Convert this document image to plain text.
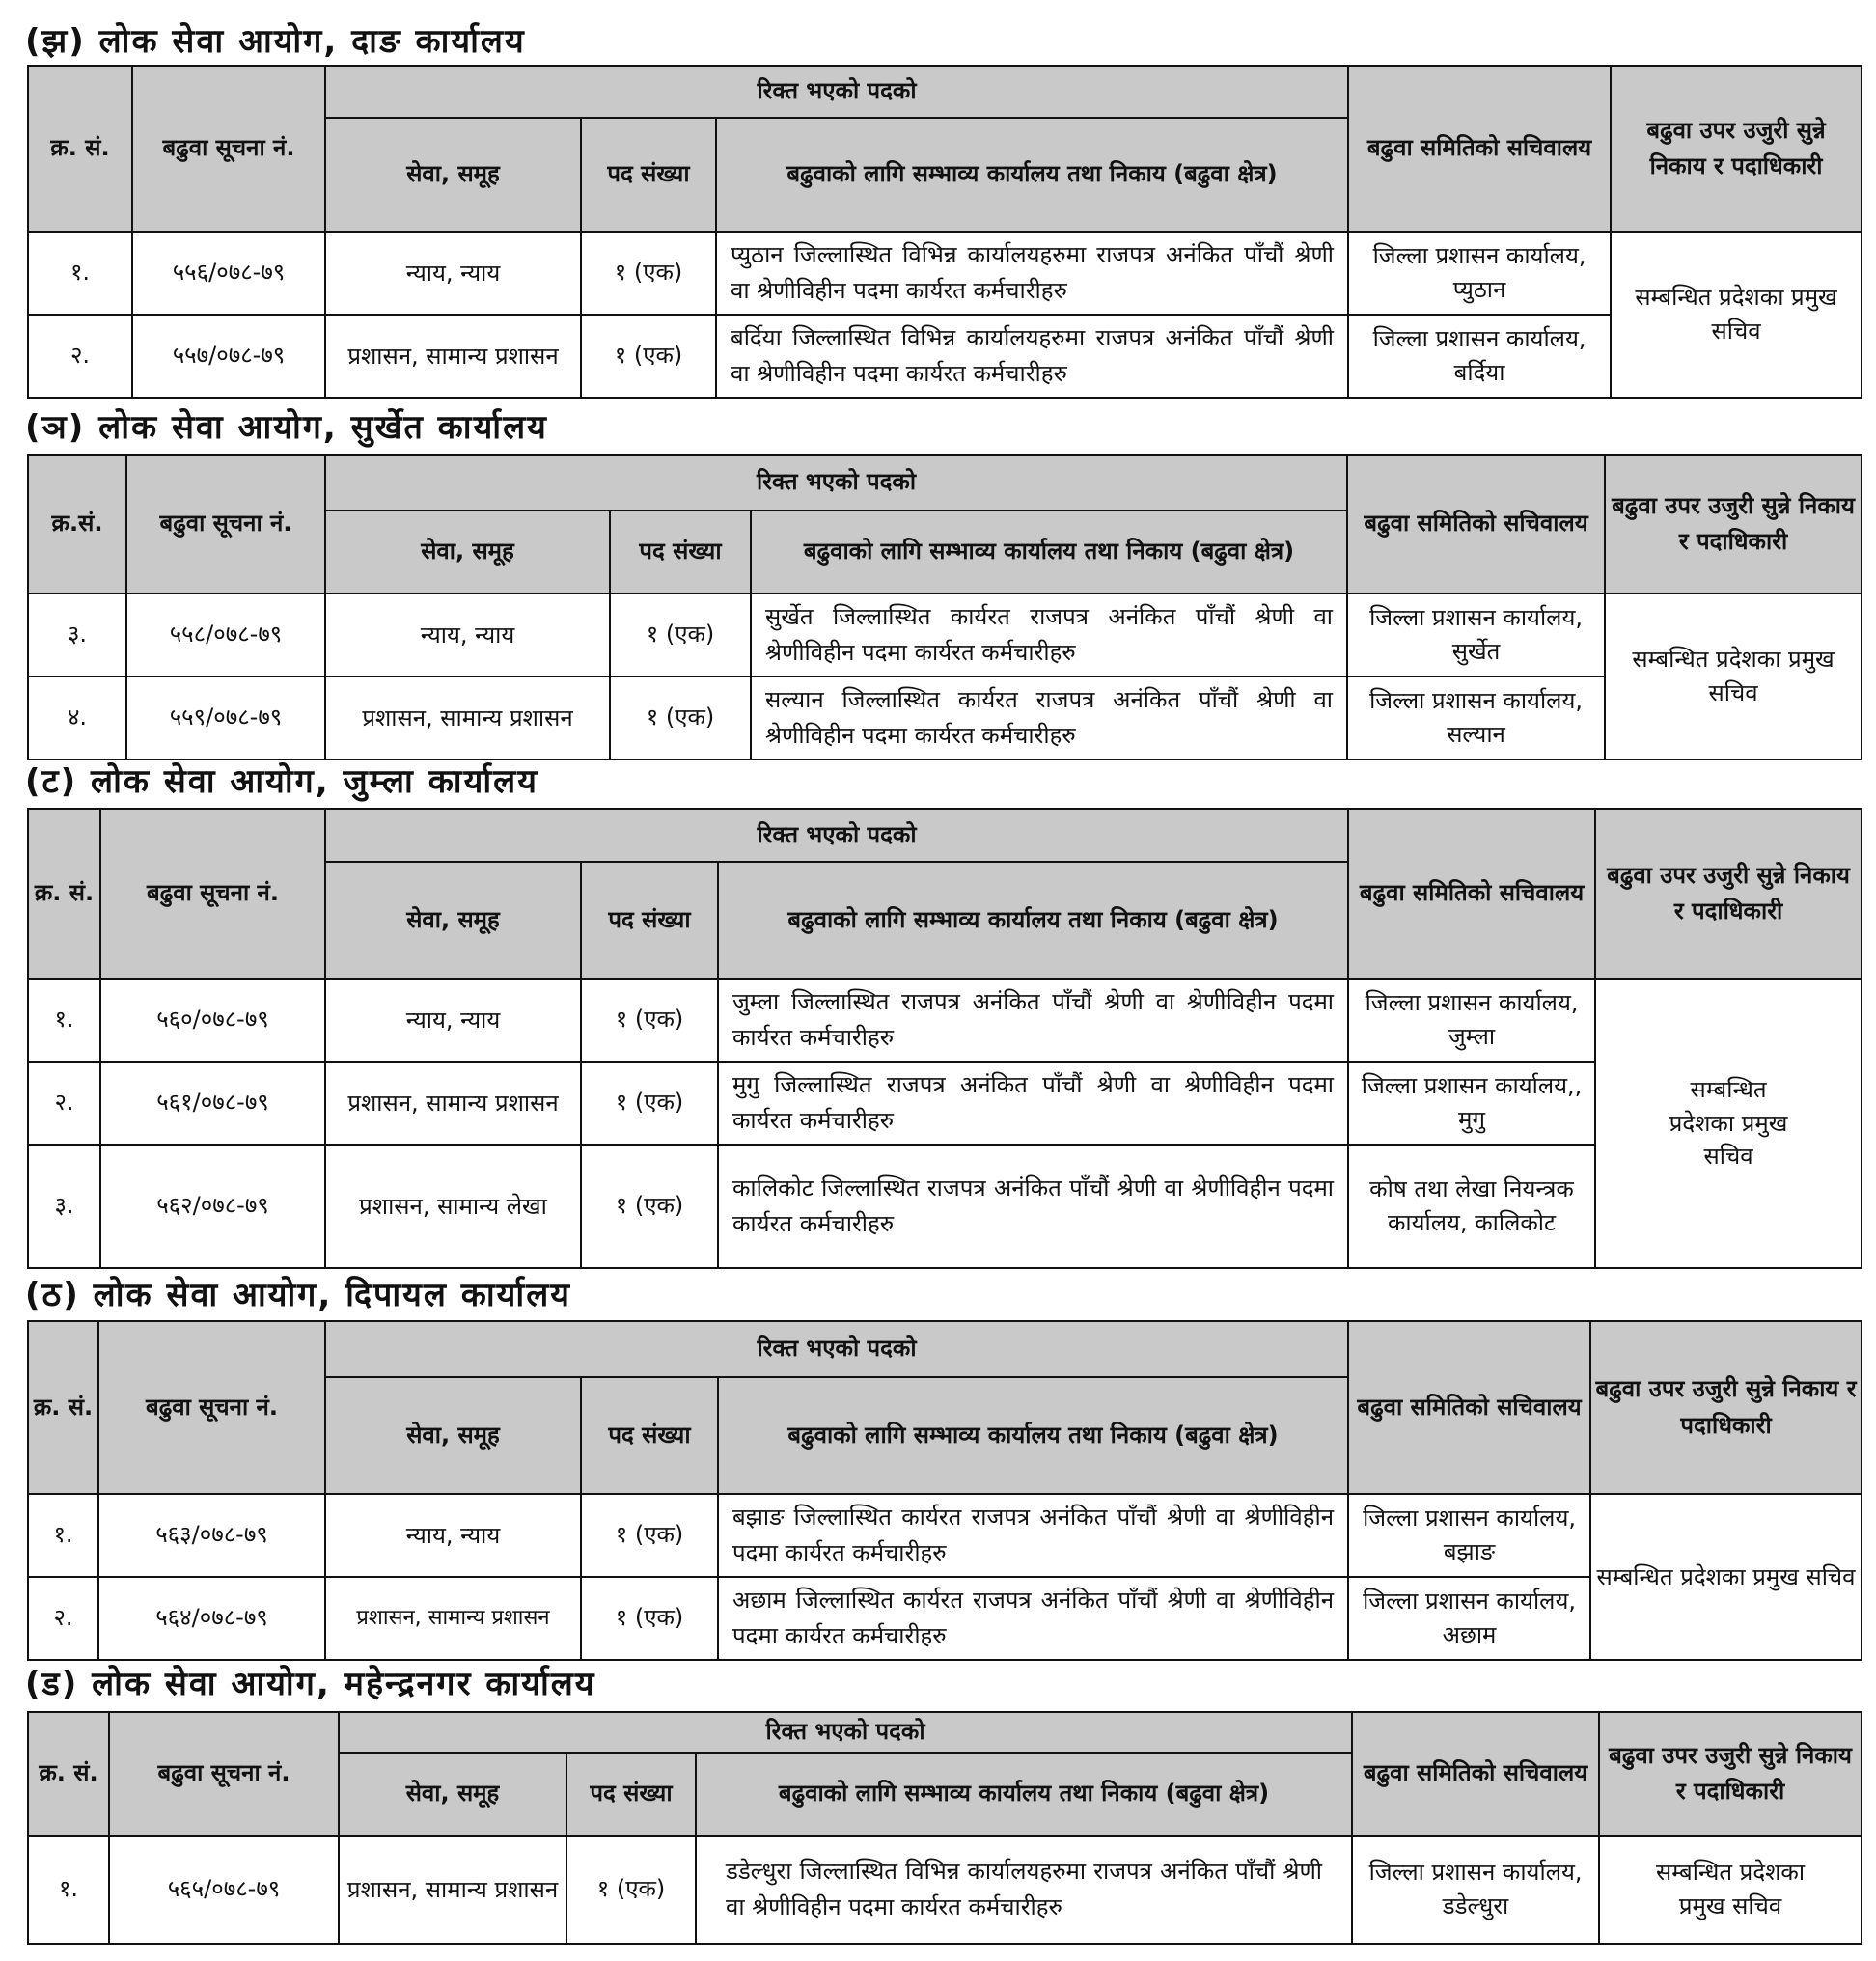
(झ) लोक सेवा आयोग, दाङ कार्यालय
क्र. सं.	बढुवा सूचना नं.	रिक्त भएको पदको			बढुवा समितिको सचिवालय	बढुवा उपर उजुरी सुन्ने निकाय र पदाधिकारी
		सेवा, समूह	पद संख्या	बढुवाको लागि सम्भाव्य कार्यालय तथा निकाय (बढुवा क्षेत्र)		
१.	५५६/०७८-७९	न्याय, न्याय	१ (एक)	प्युठान जिल्लास्थित विभिन्न कार्यालयहरुमा राजपत्र अनंकित पाँचौं श्रेणी वा श्रेणीविहीन पदमा कार्यरत कर्मचारीहरु	जिल्ला प्रशासन कार्यालय, प्युठान	सम्बन्धित प्रदेशका प्रमुख सचिव
२.	५५७/०७८-७९	प्रशासन, सामान्य प्रशासन	१ (एक)	बर्दिया जिल्लास्थित विभिन्न कार्यालयहरुमा राजपत्र अनंकित पाँचौं श्रेणी वा श्रेणीविहीन पदमा कार्यरत कर्मचारीहरु	जिल्ला प्रशासन कार्यालय, बर्दिया	
(ञ) लोक सेवा आयोग, सुर्खेत कार्यालय
क्र.सं.	बढुवा सूचना नं.	रिक्त भएको पदको			बढुवा समितिको सचिवालय	बढुवा उपर उजुरी सुन्ने निकाय र पदाधिकारी
		सेवा, समूह	पद संख्या	बढुवाको लागि सम्भाव्य कार्यालय तथा निकाय (बढुवा क्षेत्र)		
३.	५५८/०७८-७९	न्याय, न्याय	१ (एक)	सुर्खेत जिल्लास्थित कार्यरत राजपत्र अनंकित पाँचौं श्रेणी वा श्रेणीविहीन पदमा कार्यरत कर्मचारीहरु	जिल्ला प्रशासन कार्यालय, सुर्खेत	सम्बन्धित प्रदेशका प्रमुख सचिव
४.	५५९/०७८-७९	प्रशासन, सामान्य प्रशासन	१ (एक)	सल्यान जिल्लास्थित कार्यरत राजपत्र अनंकित पाँचौं श्रेणी वा श्रेणीविहीन पदमा कार्यरत कर्मचारीहरु	जिल्ला प्रशासन कार्यालय, सल्यान	
(ट) लोक सेवा आयोग, जुम्ला कार्यालय
क्र. सं.	बढुवा सूचना नं.	रिक्त भएको पदको			बढुवा समितिको सचिवालय	बढुवा उपर उजुरी सुन्ने निकाय र पदाधिकारी
		सेवा, समूह	पद संख्या	बढुवाको लागि सम्भाव्य कार्यालय तथा निकाय (बढुवा क्षेत्र)		
१.	५६०/०७८-७९	न्याय, न्याय	१ (एक)	जुम्ला जिल्लास्थित राजपत्र अनंकित पाँचौं श्रेणी वा श्रेणीविहीन पदमा कार्यरत कर्मचारीहरु	जिल्ला प्रशासन कार्यालय, जुम्ला	सम्बन्धित प्रदेशका प्रमुख सचिव
२.	५६१/०७८-७९	प्रशासन, सामान्य प्रशासन	१ (एक)	मुगु जिल्लास्थित राजपत्र अनंकित पाँचौं श्रेणी वा श्रेणीविहीन पदमा कार्यरत कर्मचारीहरु	जिल्ला प्रशासन कार्यालय,, मुगु	
३.	५६२/०७८-७९	प्रशासन, सामान्य लेखा	१ (एक)	कालिकोट जिल्लास्थित राजपत्र अनंकित पाँचौं श्रेणी वा श्रेणीविहीन पदमा कार्यरत कर्मचारीहरु	कोष तथा लेखा नियन्त्रक कार्यालय, कालिकोट	
(ठ) लोक सेवा आयोग, दिपायल कार्यालय
क्र. सं.	बढुवा सूचना नं.	रिक्त भएको पदको			बढुवा समितिको सचिवालय	बढुवा उपर उजुरी सुन्ने निकाय र पदाधिकारी
		सेवा, समूह	पद संख्या	बढुवाको लागि सम्भाव्य कार्यालय तथा निकाय (बढुवा क्षेत्र)		
१.	५६३/०७८-७९	न्याय, न्याय	१ (एक)	बझाङ जिल्लास्थित कार्यरत राजपत्र अनंकित पाँचौं श्रेणी वा श्रेणीविहीन पदमा कार्यरत कर्मचारीहरु	जिल्ला प्रशासन कार्यालय, बझाङ	सम्बन्धित प्रदेशका प्रमुख सचिव
२.	५६४/०७८-७९	प्रशासन, सामान्य प्रशासन	१ (एक)	अछाम जिल्लास्थित कार्यरत राजपत्र अनंकित पाँचौं श्रेणी वा श्रेणीविहीन पदमा कार्यरत कर्मचारीहरु	जिल्ला प्रशासन कार्यालय, अछाम	
(ड) लोक सेवा आयोग, महेन्द्रनगर कार्यालय
क्र. सं.	बढुवा सूचना नं.	रिक्त भएको पदको			बढुवा समितिको सचिवालय	बढुवा उपर उजुरी सुन्ने निकाय र पदाधिकारी
		सेवा, समूह	पद संख्या	बढुवाको लागि सम्भाव्य कार्यालय तथा निकाय (बढुवा क्षेत्र)		
१.	५६५/०७८-७९	प्रशासन, सामान्य प्रशासन	१ (एक)	डडेल्धुरा जिल्लास्थित विभिन्न कार्यालयहरुमा राजपत्र अनंकित पाँचौं श्रेणी वा श्रेणीविहीन पदमा कार्यरत कर्मचारीहरु	जिल्ला प्रशासन कार्यालय, डडेल्धुरा	सम्बन्धित प्रदेशका प्रमुख सचिव
